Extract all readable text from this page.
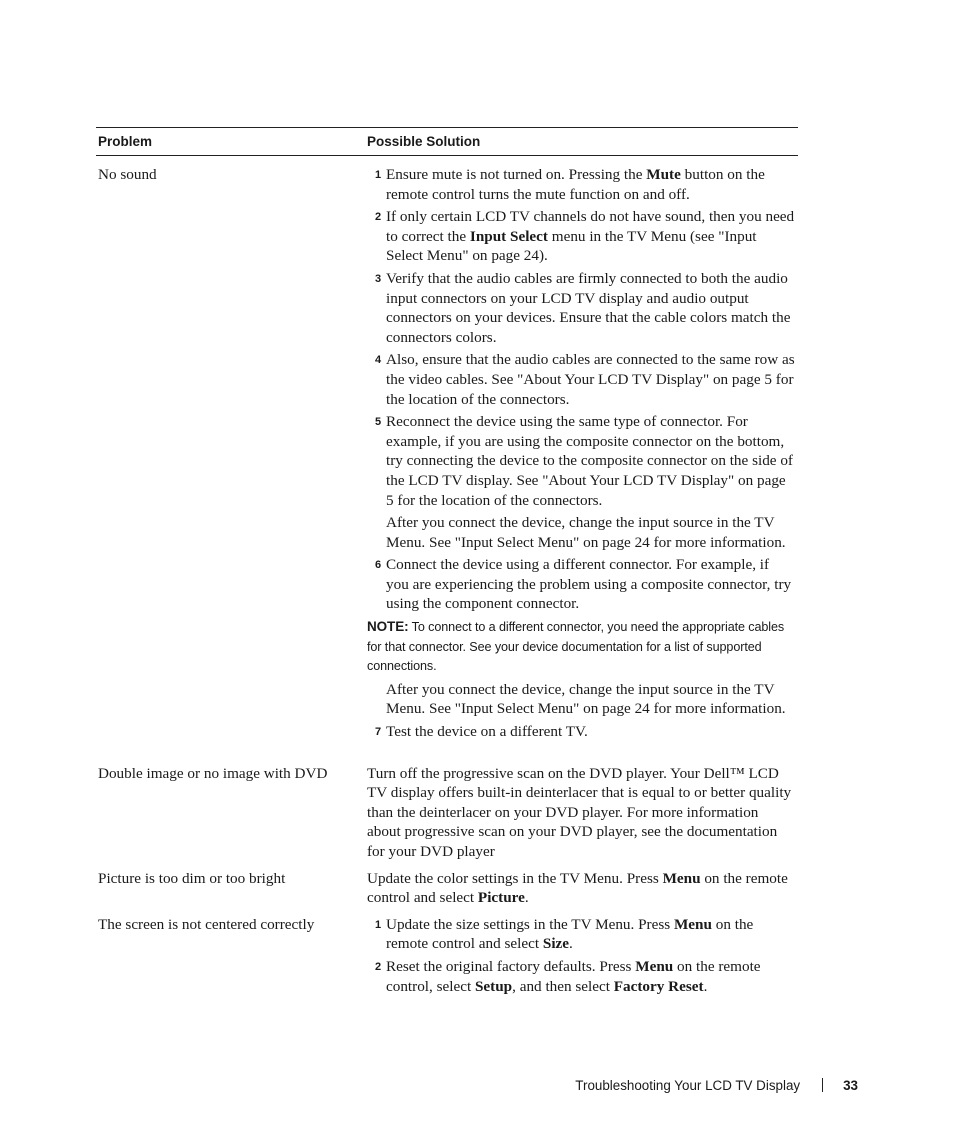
Problem	Possible Solution
No sound	1 Ensure mute is not turned on. Pressing the Mute button on the remote control turns the mute function on and off.
2 If only certain LCD TV channels do not have sound, then you need to correct the Input Select menu in the TV Menu (see "Input Select Menu" on page 24).
3 Verify that the audio cables are firmly connected to both the audio input connectors on your LCD TV display and audio output connectors on your devices. Ensure that the cable colors match the connectors colors.
4 Also, ensure that the audio cables are connected to the same row as the video cables. See "About Your LCD TV Display" on page 5 for the location of the connectors.
5 Reconnect the device using the same type of connector. For example, if you are using the composite connector on the bottom, try connecting the device to the composite connector on the side of the LCD TV display. See "About Your LCD TV Display" on page 5 for the location of the connectors.
After you connect the device, change the input source in the TV Menu. See "Input Select Menu" on page 24 for more information.
6 Connect the device using a different connector. For example, if you are experiencing the problem using a composite connector, try using the component connector.
NOTE: To connect to a different connector, you need the appropriate cables for that connector. See your device documentation for a list of supported connections.
After you connect the device, change the input source in the TV Menu. See "Input Select Menu" on page 24 for more information.
7 Test the device on a different TV.
Double image or no image with DVD	Turn off the progressive scan on the DVD player. Your Dell™ LCD TV display offers built-in deinterlacer that is equal to or better quality than the deinterlacer on your DVD player. For more information about progressive scan on your DVD player, see the documentation for your DVD player
Picture is too dim or too bright	Update the color settings in the TV Menu. Press Menu on the remote control and select Picture.
The screen is not centered correctly	1 Update the size settings in the TV Menu. Press Menu on the remote control and select Size.
2 Reset the original factory defaults. Press Menu on the remote control, select Setup, and then select Factory Reset.
Troubleshooting Your LCD TV Display	33
